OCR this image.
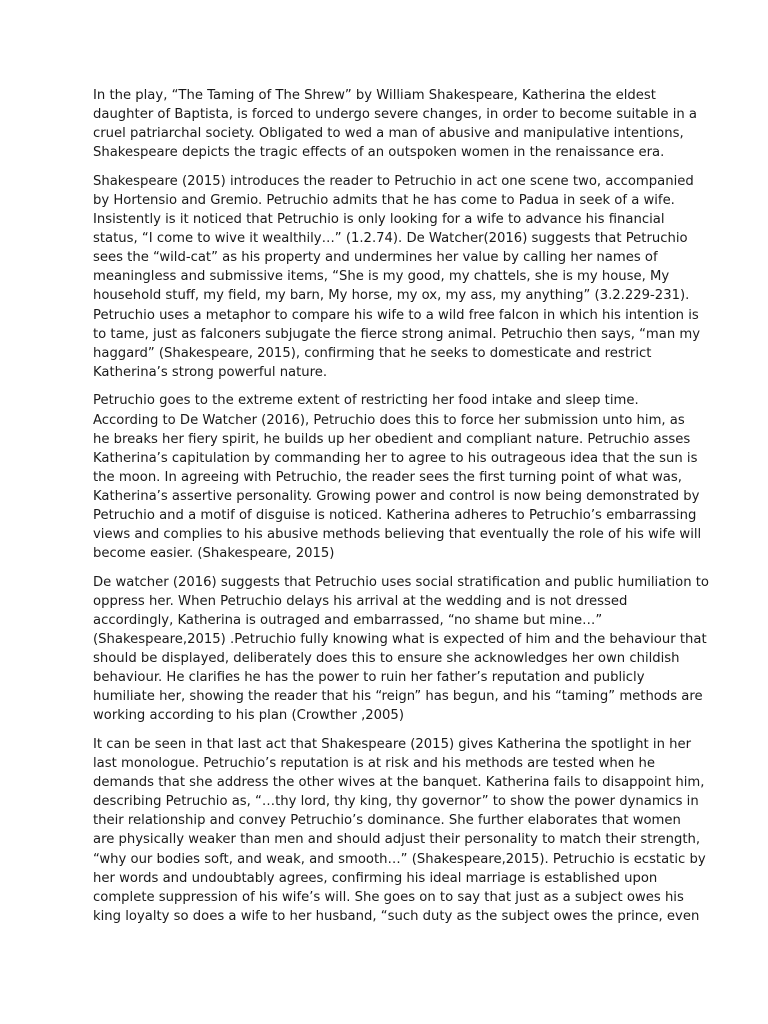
In the play, “The Taming of The Shrew” by William Shakespeare, Katherina the eldest
daughter of Baptista, is forced to undergo severe changes, in order to become suitable in a
cruel patriarchal society. Obligated to wed a man of abusive and manipulative intentions,
Shakespeare depicts the tragic effects of an outspoken women in the renaissance era.

Shakespeare (2015) introduces the reader to Petruchio in act one scene two, accompanied
by Hortensio and Gremio. Petruchio admits that he has come to Padua in seek of a wife.
Insistently is it noticed that Petruchio is only looking for a wife to advance his financial
status, “I come to wive it wealthily…” (1.2.74). De Watcher(2016) suggests that Petruchio
sees the “wild-cat” as his property and undermines her value by calling her names of
meaningless and submissive items, “She is my good, my chattels, she is my house, My
household stuff, my field, my barn, My horse, my ox, my ass, my anything” (3.2.229-231).
Petruchio uses a metaphor to compare his wife to a wild free falcon in which his intention is
to tame, just as falconers subjugate the fierce strong animal. Petruchio then says, “man my
haggard” (Shakespeare, 2015), confirming that he seeks to domesticate and restrict
Katherina’s strong powerful nature.

Petruchio goes to the extreme extent of restricting her food intake and sleep time.
According to De Watcher (2016), Petruchio does this to force her submission unto him, as
he breaks her fiery spirit, he builds up her obedient and compliant nature. Petruchio asses
Katherina’s capitulation by commanding her to agree to his outrageous idea that the sun is
the moon. In agreeing with Petruchio, the reader sees the first turning point of what was,
Katherina’s assertive personality. Growing power and control is now being demonstrated by
Petruchio and a motif of disguise is noticed. Katherina adheres to Petruchio’s embarrassing
views and complies to his abusive methods believing that eventually the role of his wife will
become easier. (Shakespeare, 2015)

De watcher (2016) suggests that Petruchio uses social stratification and public humiliation to
oppress her. When Petruchio delays his arrival at the wedding and is not dressed
accordingly, Katherina is outraged and embarrassed, “no shame but mine…”
(Shakespeare,2015) .Petruchio fully knowing what is expected of him and the behaviour that
should be displayed, deliberately does this to ensure she acknowledges her own childish
behaviour. He clarifies he has the power to ruin her father’s reputation and publicly
humiliate her, showing the reader that his “reign” has begun, and his “taming” methods are
working according to his plan (Crowther ,2005)

It can be seen in that last act that Shakespeare (2015) gives Katherina the spotlight in her
last monologue. Petruchio’s reputation is at risk and his methods are tested when he
demands that she address the other wives at the banquet. Katherina fails to disappoint him,
describing Petruchio as, “…thy lord, thy king, thy governor” to show the power dynamics in
their relationship and convey Petruchio’s dominance. She further elaborates that women
are physically weaker than men and should adjust their personality to match their strength,
“why our bodies soft, and weak, and smooth…” (Shakespeare,2015). Petruchio is ecstatic by
her words and undoubtably agrees, confirming his ideal marriage is established upon
complete suppression of his wife’s will. She goes on to say that just as a subject owes his
king loyalty so does a wife to her husband, “such duty as the subject owes the prince, even
